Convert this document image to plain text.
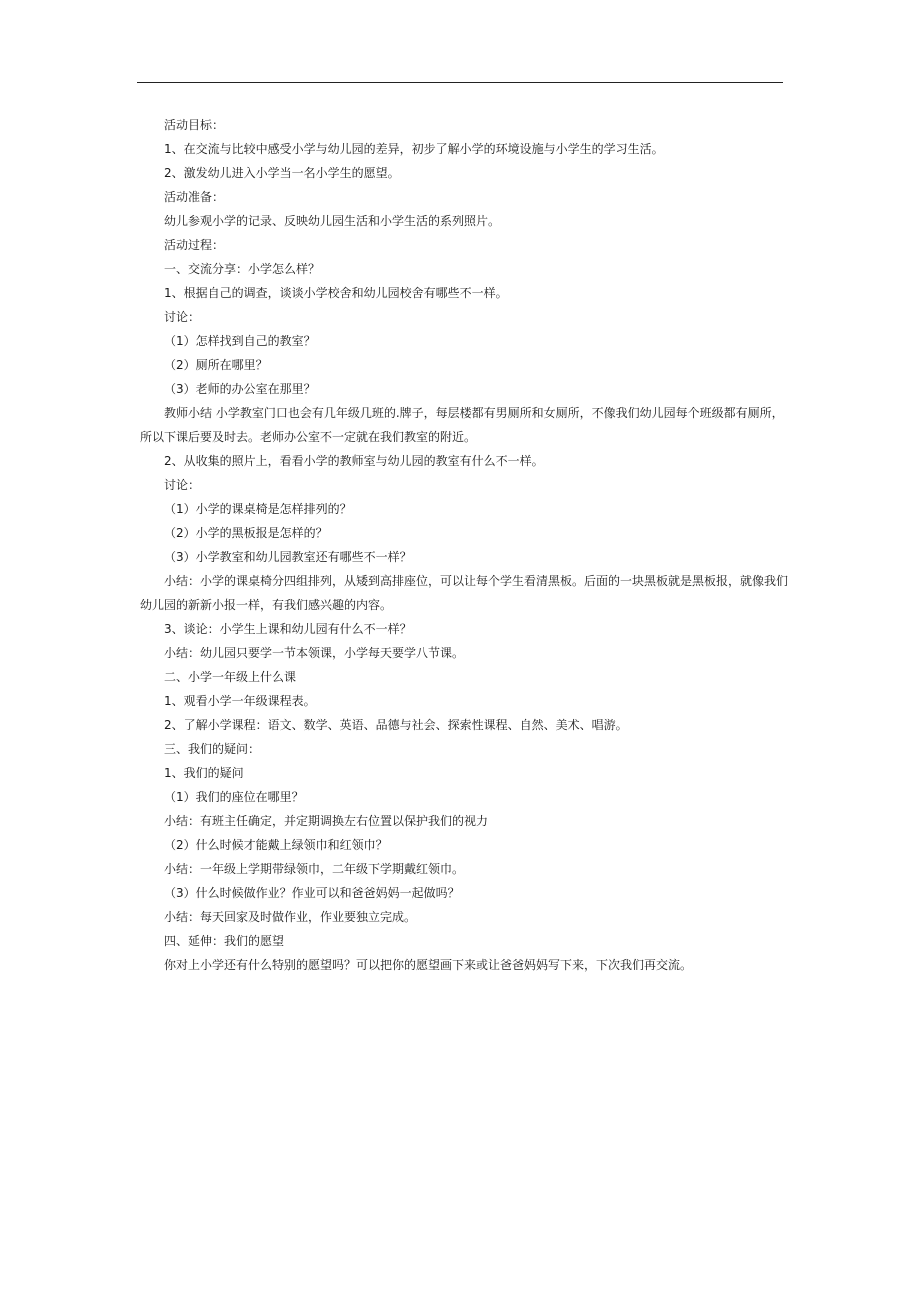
活动目标：

1、在交流与比较中感受小学与幼儿园的差异，初步了解小学的环境设施与小学生的学习生活。

2、激发幼儿进入小学当一名小学生的愿望。

活动准备：

幼儿参观小学的记录、反映幼儿园生活和小学生活的系列照片。

活动过程：

一、交流分享：小学怎么样？

1、根据自己的调查，谈谈小学校舍和幼儿园校舍有哪些不一样。

讨论：

（1）怎样找到自己的教室？

（2）厕所在哪里？

（3）老师的办公室在那里？

教师小结 小学教室门口也会有几年级几班的.牌子，每层楼都有男厕所和女厕所，不像我们幼儿园每个班级都有厕所，所以下课后要及时去。老师办公室不一定就在我们教室的附近。

2、从收集的照片上，看看小学的教师室与幼儿园的教室有什么不一样。

讨论：

（1）小学的课桌椅是怎样排列的？

（2）小学的黑板报是怎样的？

（3）小学教室和幼儿园教室还有哪些不一样？

小结：小学的课桌椅分四组排列，从矮到高排座位，可以让每个学生看清黑板。后面的一块黑板就是黑板报，就像我们幼儿园的新新小报一样，有我们感兴趣的内容。

3、谈论：小学生上课和幼儿园有什么不一样？

小结：幼儿园只要学一节本领课，小学每天要学八节课。

二、小学一年级上什么课

1、观看小学一年级课程表。

2、了解小学课程：语文、数学、英语、品德与社会、探索性课程、自然、美术、唱游。

三、我们的疑问：

1、我们的疑问

（1）我们的座位在哪里？

小结：有班主任确定，并定期调换左右位置以保护我们的视力

（2）什么时候才能戴上绿领巾和红领巾？

小结：一年级上学期带绿领巾，二年级下学期戴红领巾。

（3）什么时候做作业？作业可以和爸爸妈妈一起做吗？

小结：每天回家及时做作业，作业要独立完成。

四、延伸：我们的愿望

你对上小学还有什么特别的愿望吗？可以把你的愿望画下来或让爸爸妈妈写下来，下次我们再交流。
